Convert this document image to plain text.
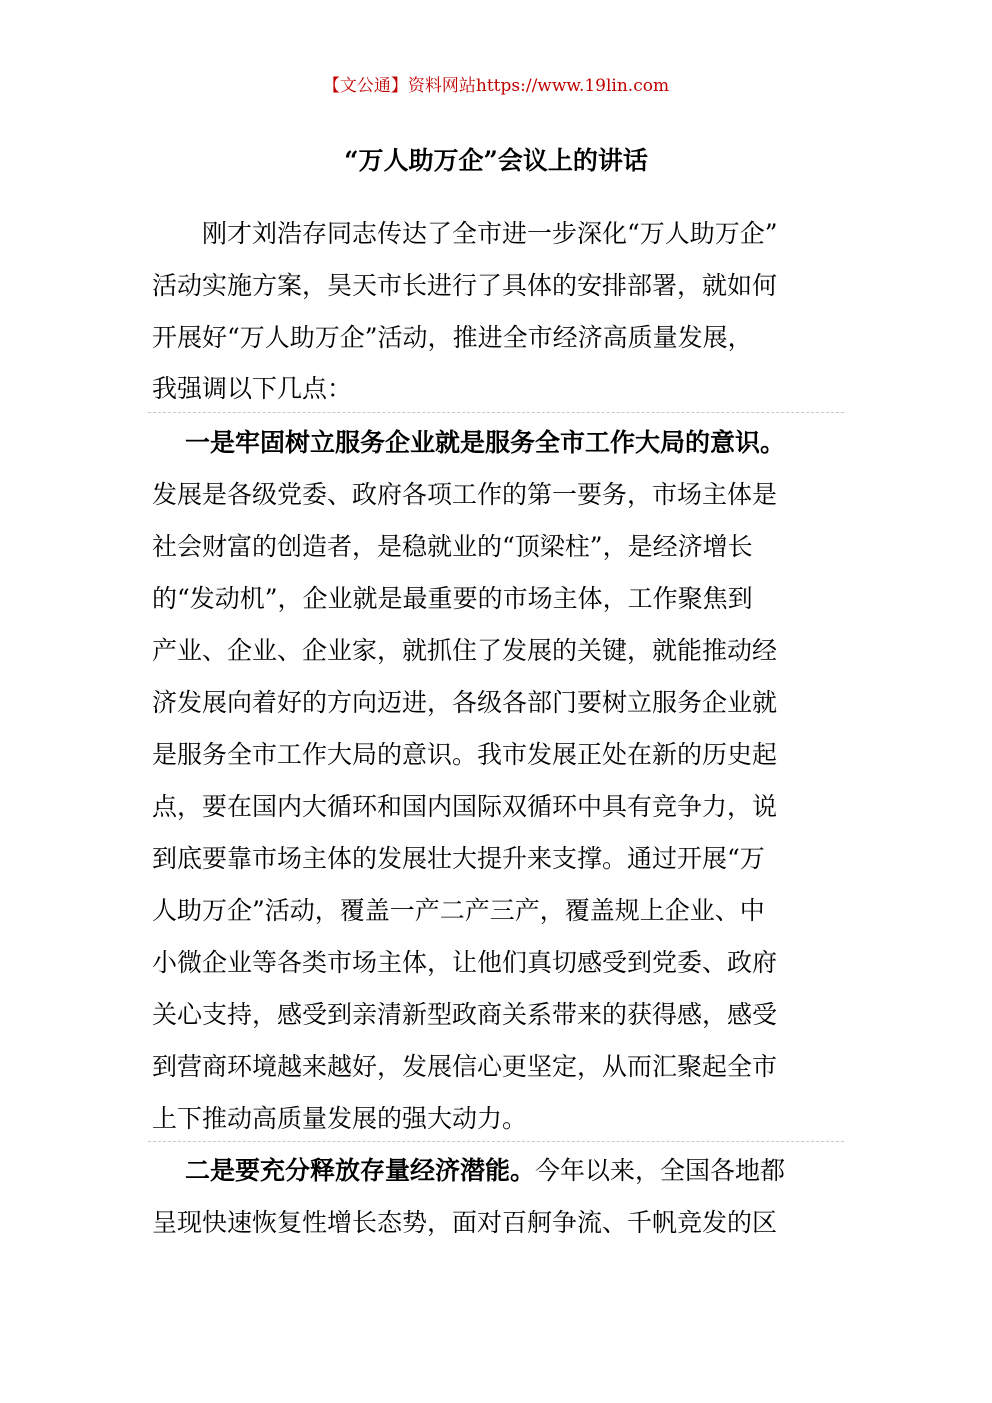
【文公通】资料网站https://www.19lin.com
“万人助万企”会议上的讲话
刚才刘浩存同志传达了全市进一步深化“万人助万企”
活动实施方案，昊天市长进行了具体的安排部署，就如何
开展好“万人助万企”活动，推进全市经济高质量发展，
我强调以下几点：
一是牢固树立服务企业就是服务全市工作大局的意识。
发展是各级党委、政府各项工作的第一要务，市场主体是
社会财富的创造者，是稳就业的“顶梁柱”，是经济增长
的“发动机”，企业就是最重要的市场主体，工作聚焦到
产业、企业、企业家，就抓住了发展的关键，就能推动经
济发展向着好的方向迈进，各级各部门要树立服务企业就
是服务全市工作大局的意识。我市发展正处在新的历史起
点，要在国内大循环和国内国际双循环中具有竞争力，说
到底要靠市场主体的发展壮大提升来支撑。通过开展“万
人助万企”活动，覆盖一产二产三产，覆盖规上企业、中
小微企业等各类市场主体，让他们真切感受到党委、政府
关心支持，感受到亲清新型政商关系带来的获得感，感受
到营商环境越来越好，发展信心更坚定，从而汇聚起全市
上下推动高质量发展的强大动力。
二是要充分释放存量经济潜能。今年以来，全国各地都
呈现快速恢复性增长态势，面对百舸争流、千帆竞发的区
